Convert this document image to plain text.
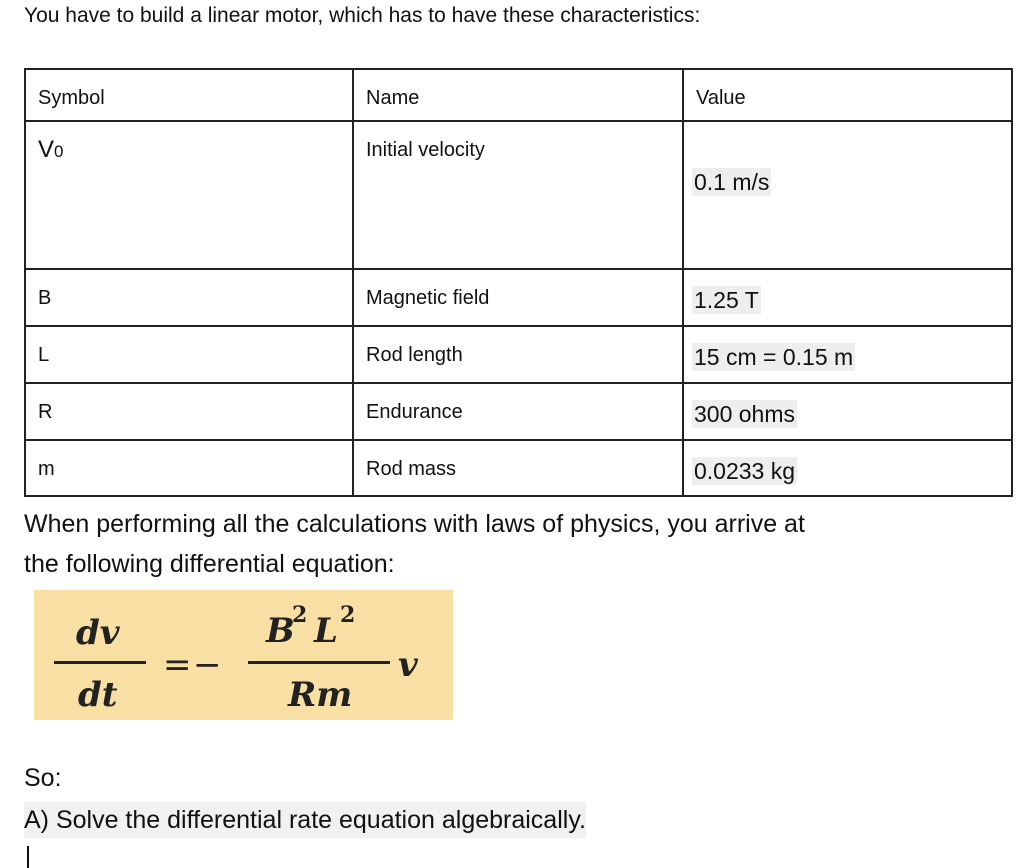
You have to build a linear motor, which has to have these characteristics:

Symbol	Name	Value

V0	Initial velocity	0.1 m/s

B	Magnetic field	1.25 T

L	Rod length	15 cm = 0.15 m

R	Endurance	300 ohms

m	Rod mass	0.0233 kg

When performing all the calculations with laws of physics, you arrive at

the following differential equation:

dv
dt
B
2 L 2
Rm
v
= −

So:

A) Solve the differential rate equation algebraically.
